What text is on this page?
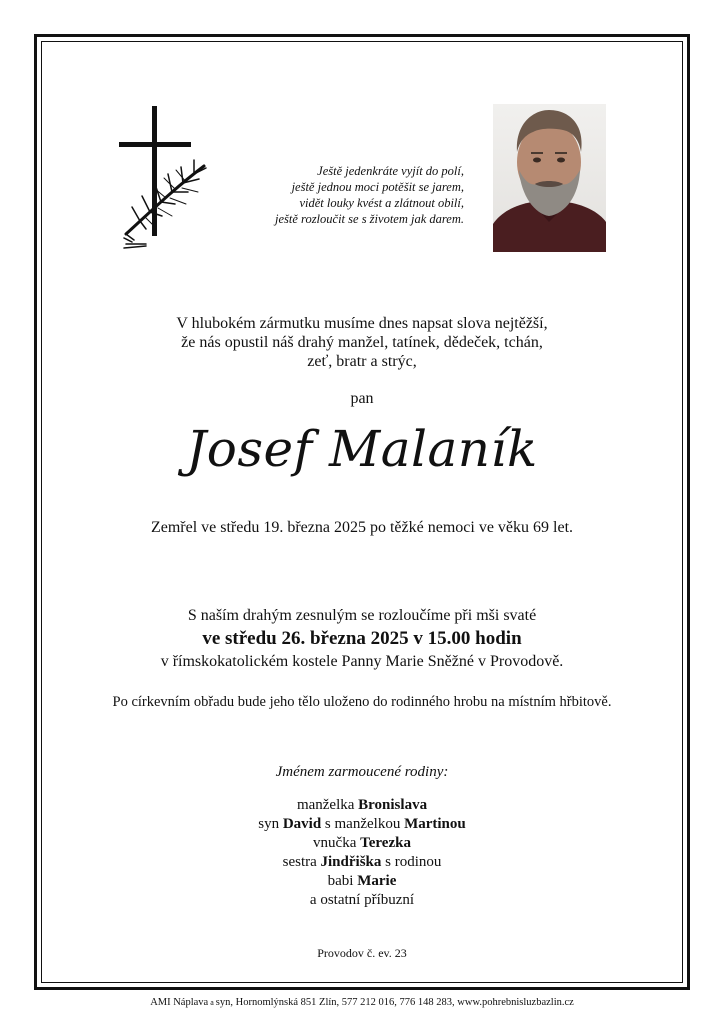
Ještě jedenkráte vyjít do polí,
ještě jednou moci potěšit se jarem,
vidět louky kvést a zlátnout obilí,
ještě rozloučit se s životem jak darem.
V hlubokém zármutku musíme dnes napsat slova nejtěžší,
že nás opustil náš drahý manžel, tatínek, dědeček, tchán,
zeť, bratr a strýc,
pan
Josef Malaník
Zemřel ve středu 19. března 2025 po těžké nemoci ve věku 69 let.
S naším drahým zesnulým se rozloučíme při mši svaté
ve středu 26. března 2025 v 15.00 hodin
v římskokatolickém kostele Panny Marie Sněžné v Provodově.
Po církevním obřadu bude jeho tělo uloženo do rodinného hrobu na místním hřbitově.
Jménem zarmoucené rodiny:
manželka Bronislava
syn David s manželkou Martinou
vnučka Terezka
sestra Jindřiška s rodinou
babi Marie
a ostatní příbuzní
Provodov č. ev. 23
AMI Náplava a syn, Hornomlýnská 851 Zlín, 577 212 016, 776 148 283, www.pohrebnisluzbazlin.cz
